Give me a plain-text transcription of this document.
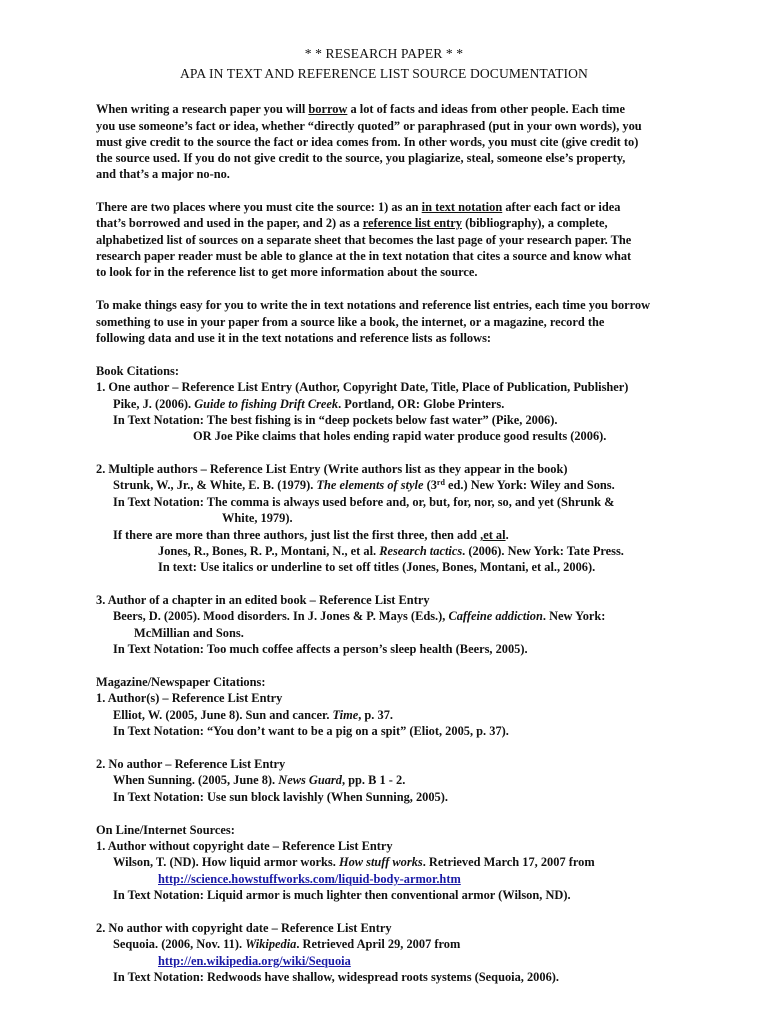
* * RESEARCH PAPER * *
APA IN TEXT AND REFERENCE LIST SOURCE DOCUMENTATION
When writing a research paper you will borrow a lot of facts and ideas from other people. Each time
you use someone’s fact or idea, whether “directly quoted” or paraphrased (put in your own words), you
must give credit to the source the fact or idea comes from. In other words, you must cite (give credit to)
the source used. If you do not give credit to the source, you plagiarize, steal, someone else’s property,
and that’s a major no-no.
There are two places where you must cite the source: 1) as an in text notation after each fact or idea
that’s borrowed and used in the paper, and 2) as a reference list entry (bibliography), a complete,
alphabetized list of sources on a separate sheet that becomes the last page of your research paper. The
research paper reader must be able to glance at the in text notation that cites a source and know what
to look for in the reference list to get more information about the source.
To make things easy for you to write the in text notations and reference list entries, each time you borrow
something to use in your paper from a source like a book, the internet, or a magazine, record the
following data and use it in the text notations and reference lists as follows:
Book Citations:
1. One author – Reference List Entry (Author, Copyright Date, Title, Place of Publication, Publisher)
Pike, J. (2006). Guide to fishing Drift Creek. Portland, OR: Globe Printers.
In Text Notation: The best fishing is in “deep pockets below fast water” (Pike, 2006).
OR Joe Pike claims that holes ending rapid water produce good results (2006).
2. Multiple authors – Reference List Entry (Write authors list as they appear in the book)
Strunk, W., Jr., & White, E. B. (1979). The elements of style (3rd ed.) New York: Wiley and Sons.
In Text Notation: The comma is always used before and, or, but, for, nor, so, and yet (Shrunk &
White, 1979).
If there are more than three authors, just list the first three, then add ,et al.
Jones, R., Bones, R. P., Montani, N., et al. Research tactics. (2006). New York: Tate Press.
In text: Use italics or underline to set off titles (Jones, Bones, Montani, et al., 2006).
3. Author of a chapter in an edited book – Reference List Entry
Beers, D. (2005). Mood disorders. In J. Jones & P. Mays (Eds.), Caffeine addiction. New York:
McMillian and Sons.
In Text Notation: Too much coffee affects a person’s sleep health (Beers, 2005).
Magazine/Newspaper Citations:
1. Author(s) – Reference List Entry
Elliot, W. (2005, June 8). Sun and cancer. Time, p. 37.
In Text Notation: “You don’t want to be a pig on a spit” (Eliot, 2005, p. 37).
2. No author – Reference List Entry
When Sunning. (2005, June 8). News Guard, pp. B 1 - 2.
In Text Notation: Use sun block lavishly (When Sunning, 2005).
On Line/Internet Sources:
1. Author without copyright date – Reference List Entry
Wilson, T. (ND). How liquid armor works. How stuff works. Retrieved March 17, 2007 from
http://science.howstuffworks.com/liquid-body-armor.htm
In Text Notation: Liquid armor is much lighter then conventional armor (Wilson, ND).
2. No author with copyright date – Reference List Entry
Sequoia. (2006, Nov. 11). Wikipedia. Retrieved April 29, 2007 from
http://en.wikipedia.org/wiki/Sequoia
In Text Notation: Redwoods have shallow, widespread roots systems (Sequoia, 2006).
